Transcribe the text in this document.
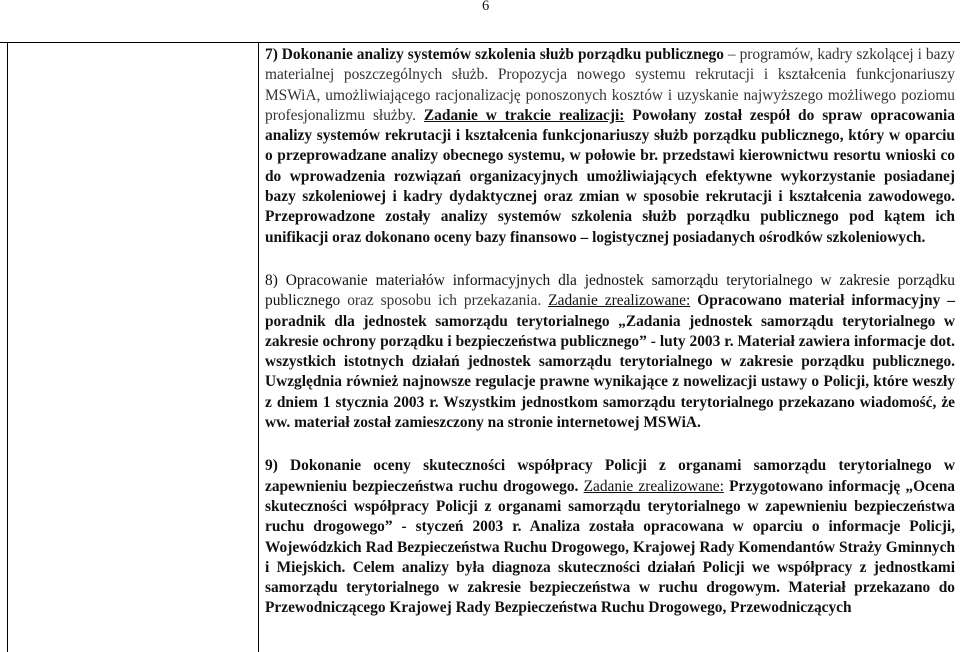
6

7) Dokonanie analizy systemów szkolenia służb porządku publicznego – programów, kadry szkolącej i bazy materialnej poszczególnych służb. Propozycja nowego systemu rekrutacji i kształcenia funkcjonariuszy MSWiA, umożliwiającego racjonalizację ponoszonych kosztów i uzyskanie najwyższego możliwego poziomu profesjonalizmu służby. Zadanie w trakcie realizacji: Powołany został zespół do spraw opracowania analizy systemów rekrutacji i kształcenia funkcjonariuszy służb porządku publicznego, który w oparciu o przeprowadzane analizy obecnego systemu, w połowie br. przedstawi kierownictwu resortu wnioski co do wprowadzenia rozwiązań organizacyjnych umożliwiających efektywne wykorzystanie posiadanej bazy szkoleniowej i kadry dydaktycznej oraz zmian w sposobie rekrutacji i kształcenia zawodowego. Przeprowadzone zostały analizy systemów szkolenia służb porządku publicznego pod kątem ich unifikacji oraz dokonano oceny bazy finansowo – logistycznej posiadanych ośrodków szkoleniowych.

8) Opracowanie materiałów informacyjnych dla jednostek samorządu terytorialnego w zakresie porządku publicznego oraz sposobu ich przekazania. Zadanie zrealizowane: Opracowano materiał informacyjny – poradnik dla jednostek samorządu terytorialnego „Zadania jednostek samorządu terytorialnego w zakresie ochrony porządku i bezpieczeństwa publicznego” - luty 2003 r. Materiał zawiera informacje dot. wszystkich istotnych działań jednostek samorządu terytorialnego w zakresie porządku publicznego. Uwzględnia również najnowsze regulacje prawne wynikające z nowelizacji ustawy o Policji, które weszły z dniem 1 stycznia 2003 r. Wszystkim jednostkom samorządu terytorialnego przekazano wiadomość, że ww. materiał został zamieszczony na stronie internetowej MSWiA.

9) Dokonanie oceny skuteczności współpracy Policji z organami samorządu terytorialnego w zapewnieniu bezpieczeństwa ruchu drogowego. Zadanie zrealizowane: Przygotowano informację „Ocena skuteczności współpracy Policji z organami samorządu terytorialnego w zapewnieniu bezpieczeństwa ruchu drogowego” - styczeń 2003 r. Analiza została opracowana w oparciu o informacje Policji, Wojewódzkich Rad Bezpieczeństwa Ruchu Drogowego, Krajowej Rady Komendantów Straży Gminnych i Miejskich. Celem analizy była diagnoza skuteczności działań Policji we współpracy z jednostkami samorządu terytorialnego w zakresie bezpieczeństwa w ruchu drogowym. Materiał przekazano do Przewodniczącego Krajowej Rady Bezpieczeństwa Ruchu Drogowego, Przewodniczących
